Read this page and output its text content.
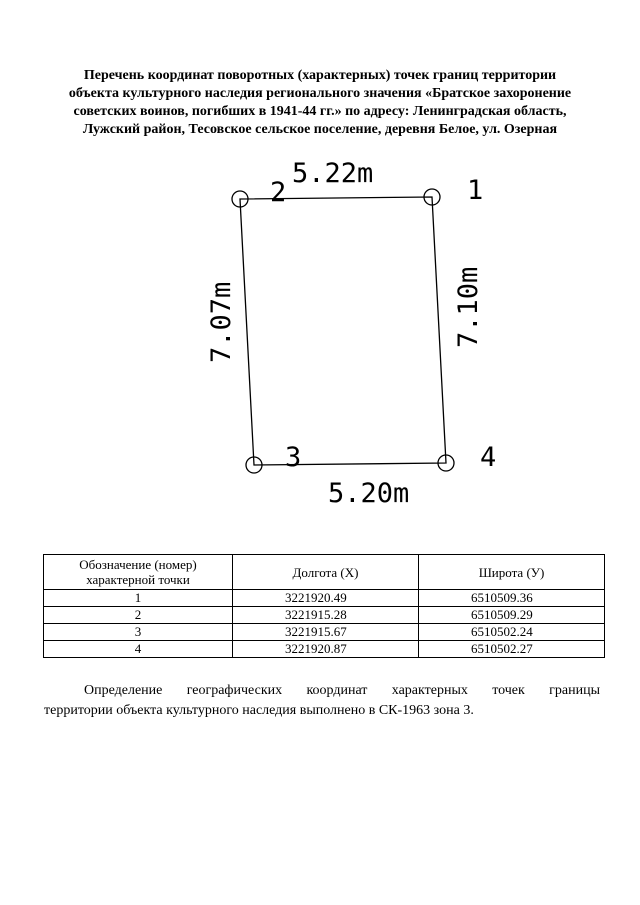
Перечень координат поворотных (характерных) точек границ территории
объекта культурного наследия регионального значения «Братское захоронение
советских воинов, погибших в 1941-44 гг.» по адресу: Ленинградская область,
Лужский район, Тесовское сельское поселение, деревня Белое, ул. Озерная
1
2
3	4
5.22m
5.20m
7.07m	7.10m
Обозначение (номер) характерной точки	Долгота (X)	Широта (У)
1	3221920.49	6510509.36
2	3221915.28	6510509.29
3	3221915.67	6510502.24
4	3221920.87	6510502.27

Определение географических координат характерных точек границы

территории объекта культурного наследия выполнено в СК-1963 зона 3.
